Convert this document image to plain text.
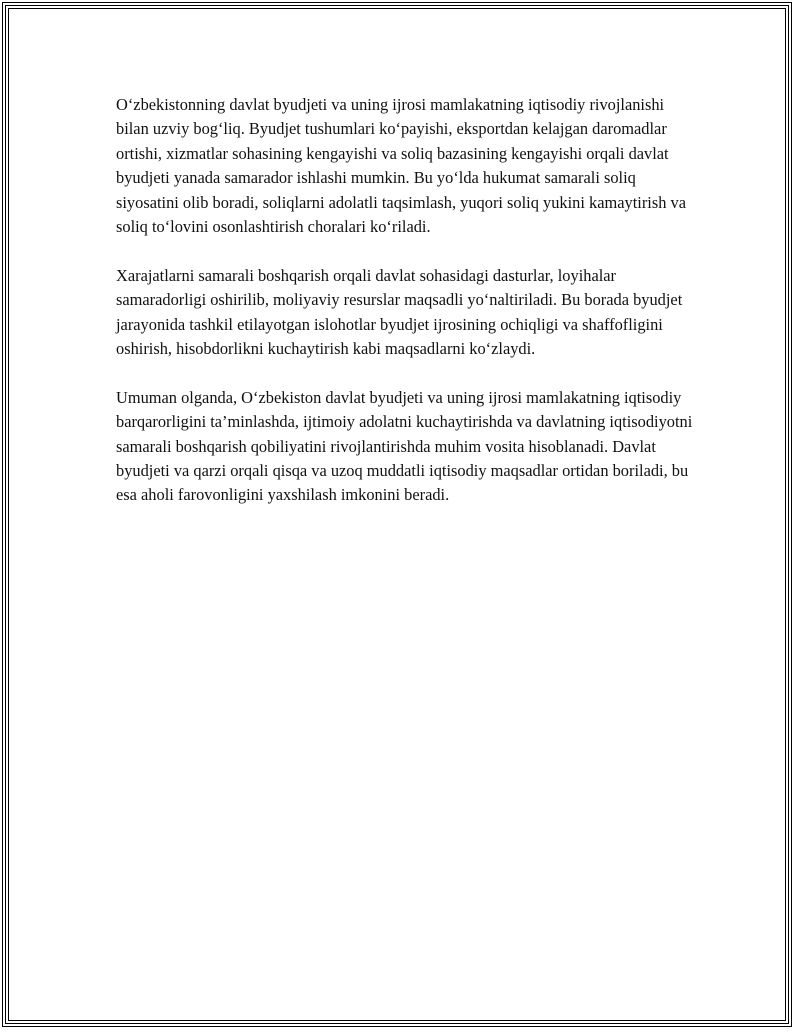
O‘zbekistonning davlat byudjeti va uning ijrosi mamlakatning iqtisodiy rivojlanishi bilan uzviy bog‘liq. Byudjet tushumlari ko‘payishi, eksportdan kelajgan daromadlar ortishi, xizmatlar sohasining kengayishi va soliq bazasining kengayishi orqali davlat byudjeti yanada samarador ishlashi mumkin. Bu yo‘lda hukumat samarali soliq siyosatini olib boradi, soliqlarni adolatli taqsimlash, yuqori soliq yukini kamaytirish va soliq to‘lovini osonlashtirish choralari ko‘riladi.

Xarajatlarni samarali boshqarish orqali davlat sohasidagi dasturlar, loyihalar samaradorligi oshirilib, moliyaviy resurslar maqsadli yo‘naltiriladi. Bu borada byudjet jarayonida tashkil etilayotgan islohotlar byudjet ijrosining ochiqligi va shaffofligini oshirish, hisobdorlikni kuchaytirish kabi maqsadlarni ko‘zlaydi.

Umuman olganda, O‘zbekiston davlat byudjeti va uning ijrosi mamlakatning iqtisodiy barqarorligini ta’minlashda, ijtimoiy adolatni kuchaytirishda va davlatning iqtisodiyotni samarali boshqarish qobiliyatini rivojlantirishda muhim vosita hisoblanadi. Davlat byudjeti va qarzi orqali qisqa va uzoq muddatli iqtisodiy maqsadlar ortidan boriladi, bu esa aholi farovonligini yaxshilash imkonini beradi.
